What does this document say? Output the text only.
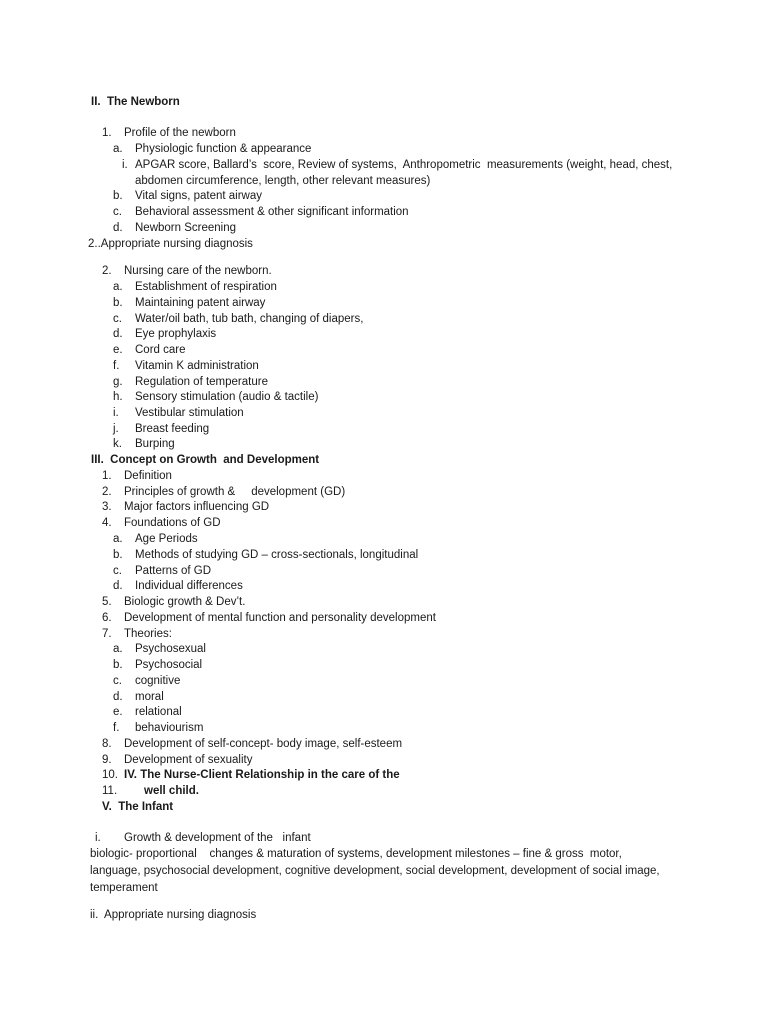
II.  The Newborn
1. Profile of the newborn
a. Physiologic function & appearance
i. APGAR score, Ballard’s  score, Review of systems,  Anthropometric  measurements (weight, head, chest,
abdomen circumference, length, other relevant measures)
b. Vital signs, patent airway
c. Behavioral assessment & other significant information
d. Newborn Screening
2..Appropriate nursing diagnosis
2. Nursing care of the newborn.
a. Establishment of respiration
b. Maintaining patent airway
c. Water/oil bath, tub bath, changing of diapers,
d. Eye prophylaxis
e. Cord care
f. Vitamin K administration
g. Regulation of temperature
h. Sensory stimulation (audio & tactile)
i. Vestibular stimulation
j. Breast feeding
k. Burping
III.  Concept on Growth  and Development
1. Definition
2. Principles of growth &     development (GD)
3. Major factors influencing GD
4. Foundations of GD
a. Age Periods
b. Methods of studying GD – cross-sectionals, longitudinal
c. Patterns of GD
d. Individual differences
5. Biologic growth & Dev’t.
6. Development of mental function and personality development
7. Theories:
a. Psychosexual
b. Psychosocial
c. cognitive
d. moral
e. relational
f. behaviourism
8. Development of self-concept- body image, self-esteem
9. Development of sexuality
10. IV. The Nurse-Client Relationship in the care of the
11. well child.
V.  The Infant
i. Growth & development of the   infant
biologic- proportional    changes & maturation of systems, development milestones – fine & gross  motor,
language, psychosocial development, cognitive development, social development, development of social image,
temperament
ii.  Appropriate nursing diagnosis
